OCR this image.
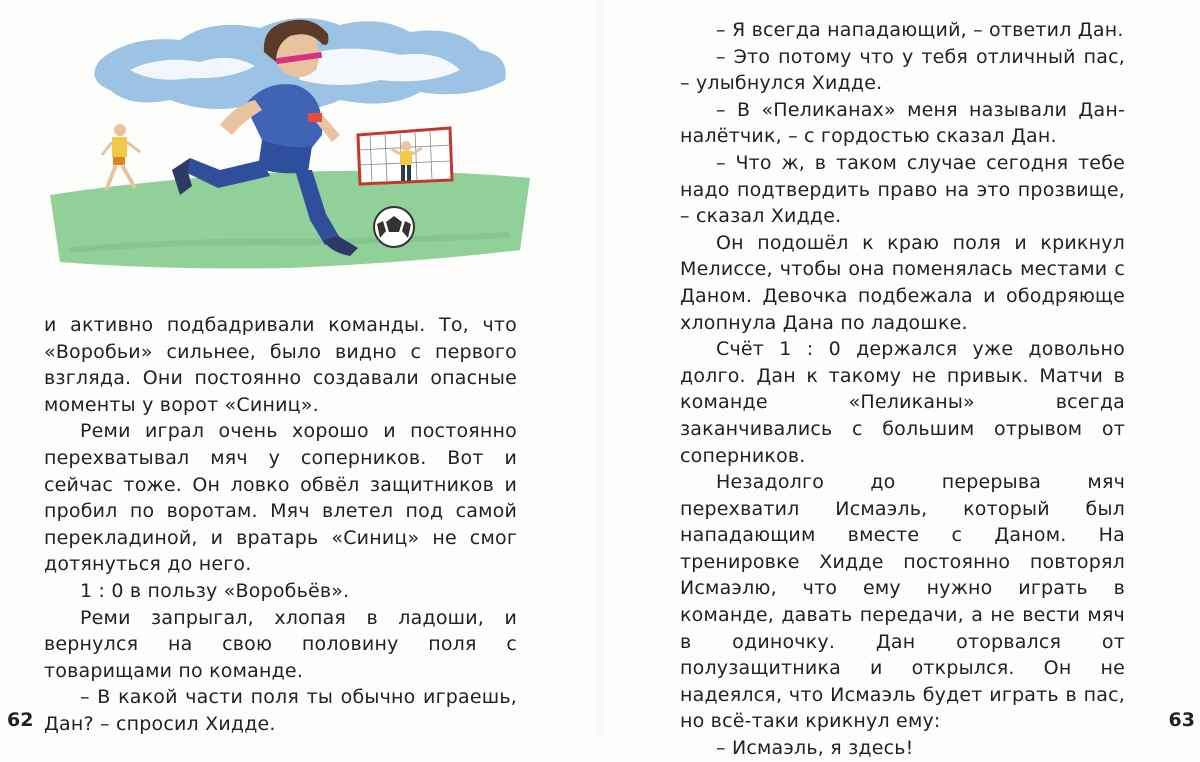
и активно подбадривали команды. То, что «Воробьи» сильнее, было видно с первого взгляда. Они постоянно создавали опасные моменты у ворот «Синиц».

Реми играл очень хорошо и постоянно перехватывал мяч у соперников. Вот и сейчас тоже. Он ловко обвёл защитников и пробил по воротам. Мяч влетел под самой перекладиной, и вратарь «Синиц» не смог дотянуться до него.

1 : 0 в пользу «Воробьёв».

Реми запрыгал, хлопая в ладоши, и вернулся на свою половину поля с товарищами по команде.

– В какой части поля ты обычно играешь, Дан? – спросил Хидде.

62

– Я всегда нападающий, – ответил Дан.

– Это потому что у тебя отличный пас, – улыбнулся Хидде.

– В «Пеликанах» меня называли Дан-налётчик, – с гордостью сказал Дан.

– Что ж, в таком случае сегодня тебе надо подтвердить право на это прозвище, – сказал Хидде.

Он подошёл к краю поля и крикнул Мелиссе, чтобы она поменялась местами с Даном. Девочка подбежала и ободряюще хлопнула Дана по ладошке.

Счёт 1 : 0 держался уже довольно долго. Дан к такому не привык. Матчи в команде «Пеликаны» всегда заканчивались с большим отрывом от соперников.

Незадолго до перерыва мяч перехватил Исмаэль, который был нападающим вместе с Даном. На тренировке Хидде постоянно повторял Исмаэлю, что ему нужно играть в команде, давать передачи, а не вести мяч в одиночку. Дан оторвался от полузащитника и открылся. Он не надеялся, что Исмаэль будет играть в пас, но всё-таки крикнул ему:

– Исмаэль, я здесь!

63
